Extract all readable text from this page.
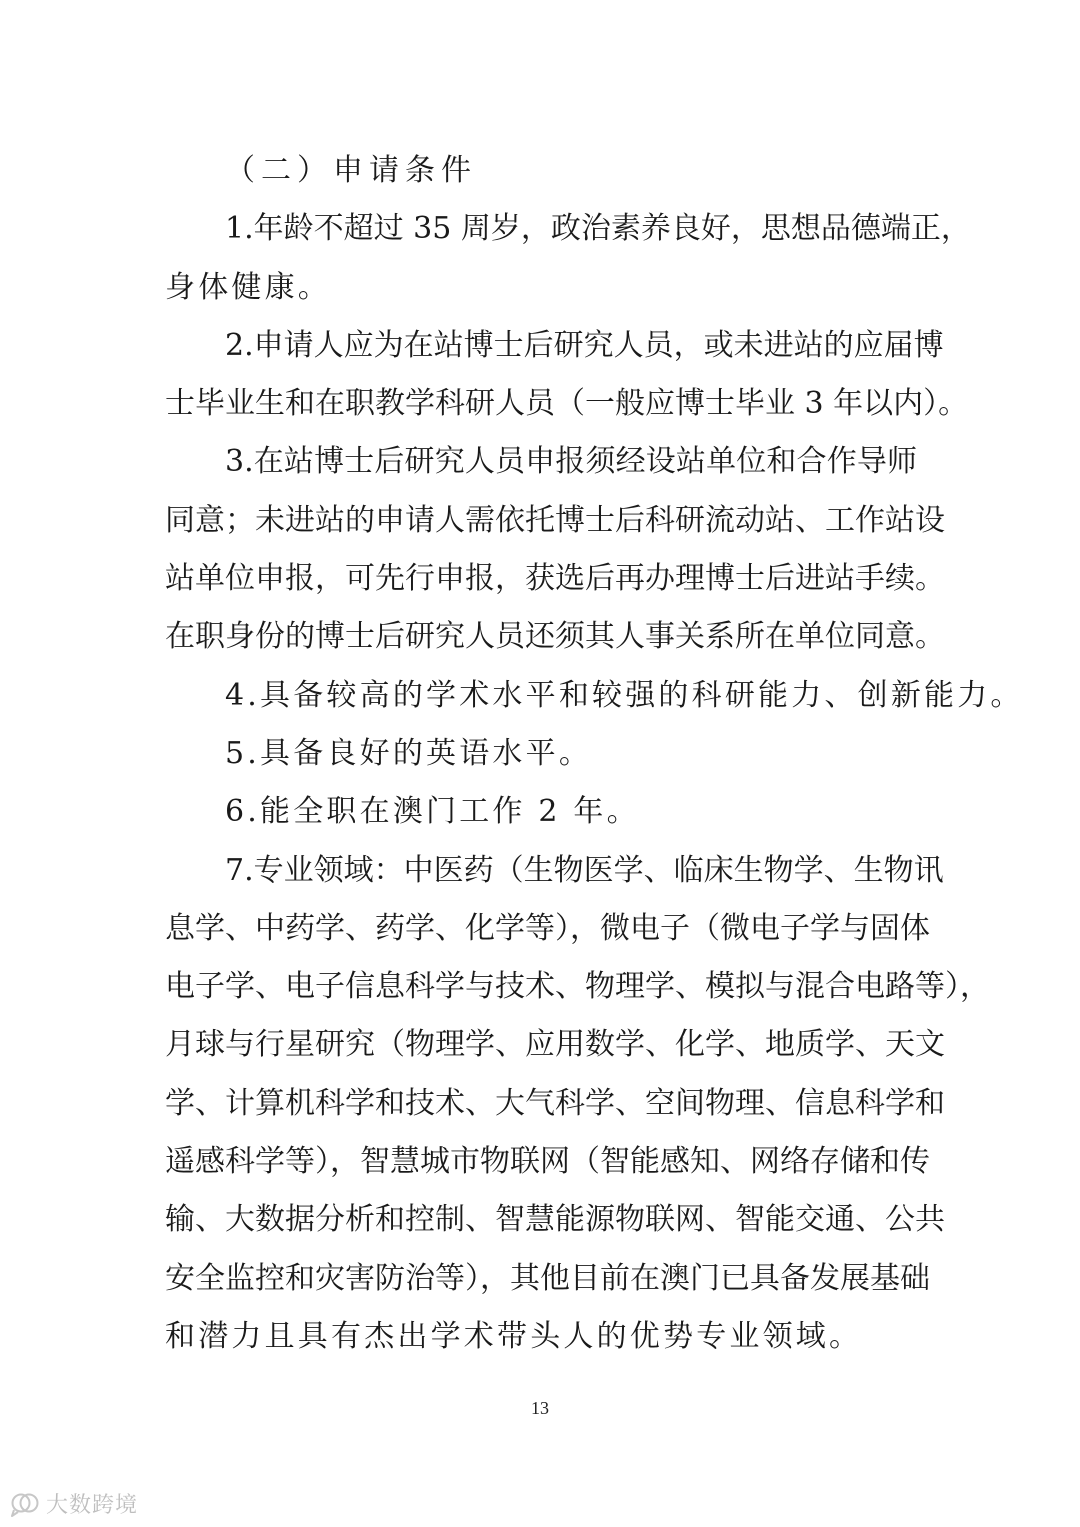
（二）申请条件
1.年龄不超过 35 周岁，政治素养良好，思想品德端正，
身体健康。
2.申请人应为在站博士后研究人员，或未进站的应届博
士毕业生和在职教学科研人员（一般应博士毕业 3 年以内）。
3.在站博士后研究人员申报须经设站单位和合作导师
同意；未进站的申请人需依托博士后科研流动站、工作站设
站单位申报，可先行申报，获选后再办理博士后进站手续。
在职身份的博士后研究人员还须其人事关系所在单位同意。
4.具备较高的学术水平和较强的科研能力、创新能力。
5.具备良好的英语水平。
6.能全职在澳门工作 2 年。
7.专业领域：中医药（生物医学、临床生物学、生物讯
息学、中药学、药学、化学等），微电子（微电子学与固体
电子学、电子信息科学与技术、物理学、模拟与混合电路等），
月球与行星研究（物理学、应用数学、化学、地质学、天文
学、计算机科学和技术、大气科学、空间物理、信息科学和
遥感科学等），智慧城市物联网（智能感知、网络存储和传
输、大数据分析和控制、智慧能源物联网、智能交通、公共
安全监控和灾害防治等），其他目前在澳门已具备发展基础
和潜力且具有杰出学术带头人的优势专业领域。
13
大数跨境
